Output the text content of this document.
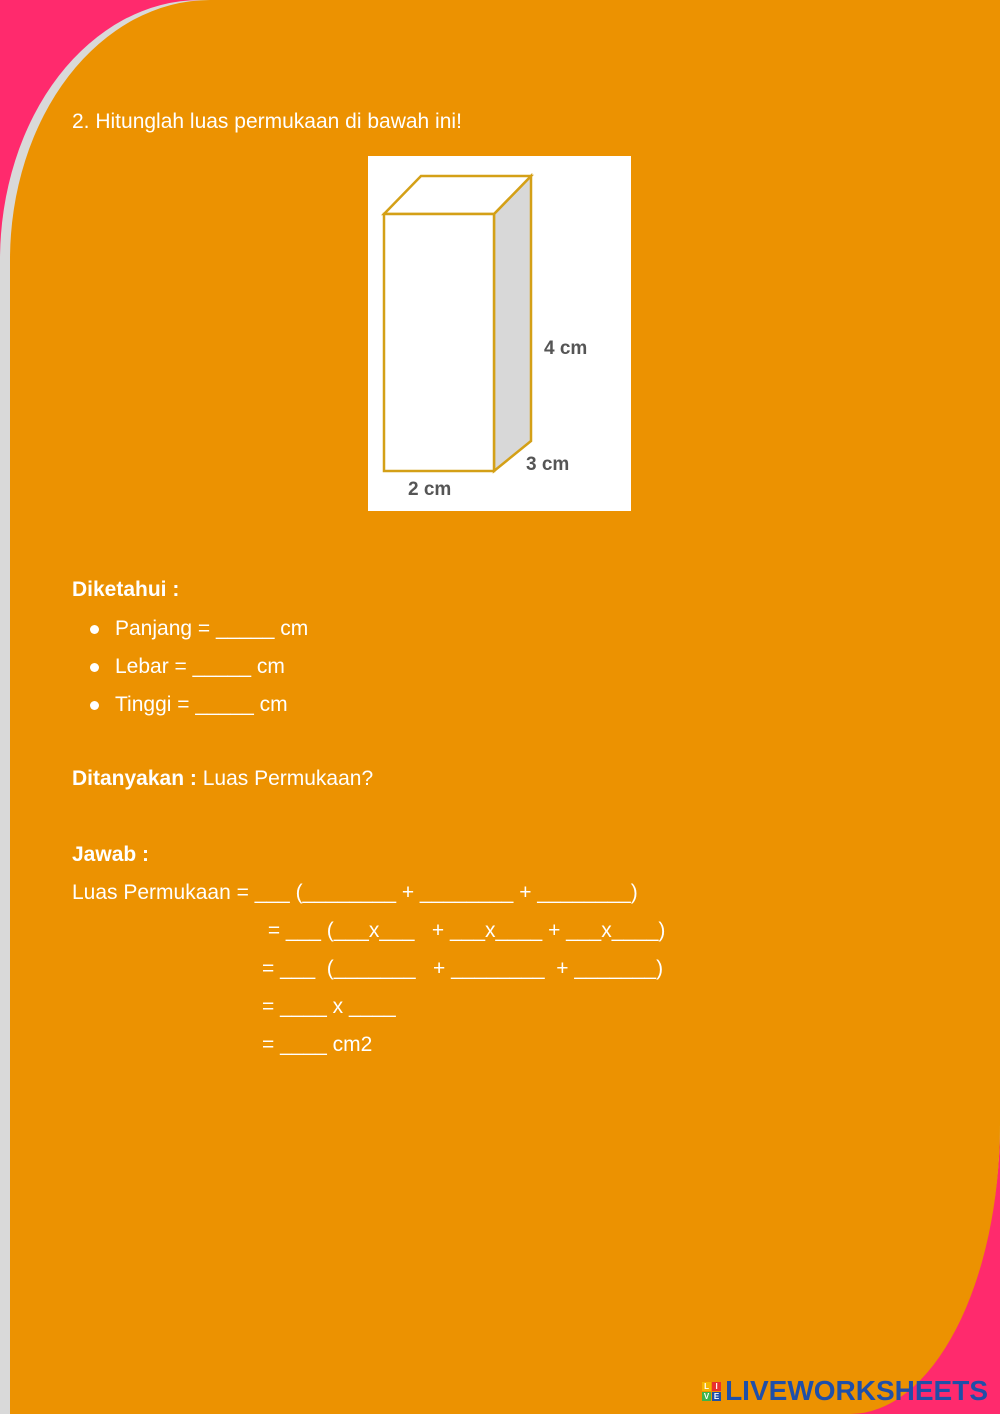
2. Hitunglah luas permukaan di bawah ini!
4 cm
3 cm
2 cm
Diketahui :
Panjang = _____ cm
Lebar = _____ cm
Tinggi = _____ cm
Ditanyakan : Luas Permukaan?
Jawab :
Luas Permukaan = ___ (________ + ________ + ________)
= ___ (___x___   + ___x____ + ___x____)
= ___  (_______   + ________  + _______)
= ____ x ____
= ____ cm2
L I
V E LIVEWORKSHEETS
